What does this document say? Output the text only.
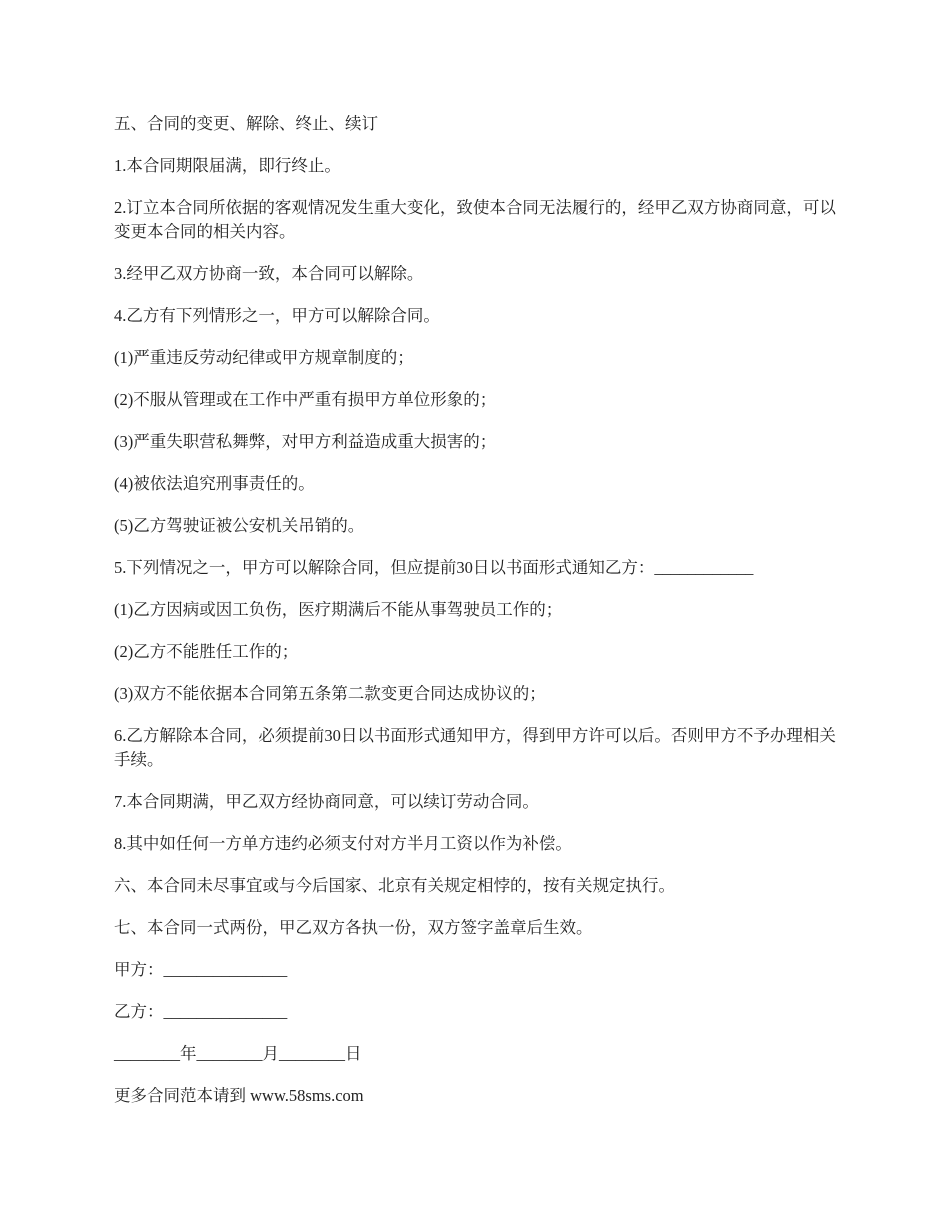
五、合同的变更、解除、终止、续订

1.本合同期限届满，即行终止。

2.订立本合同所依据的客观情况发生重大变化，致使本合同无法履行的，经甲乙双方协商同意，可以变更本合同的相关内容。

3.经甲乙双方协商一致，本合同可以解除。

4.乙方有下列情形之一，甲方可以解除合同。

(1)严重违反劳动纪律或甲方规章制度的；

(2)不服从管理或在工作中严重有损甲方单位形象的；

(3)严重失职营私舞弊，对甲方利益造成重大损害的；

(4)被依法追究刑事责任的。

(5)乙方驾驶证被公安机关吊销的。

5.下列情况之一，甲方可以解除合同，但应提前30日以书面形式通知乙方：____________

(1)乙方因病或因工负伤，医疗期满后不能从事驾驶员工作的；

(2)乙方不能胜任工作的；

(3)双方不能依据本合同第五条第二款变更合同达成协议的；

6.乙方解除本合同，必须提前30日以书面形式通知甲方，得到甲方许可以后。否则甲方不予办理相关手续。

7.本合同期满，甲乙双方经协商同意，可以续订劳动合同。

8.其中如任何一方单方违约必须支付对方半月工资以作为补偿。

六、本合同未尽事宜或与今后国家、北京有关规定相悖的，按有关规定执行。

七、本合同一式两份，甲乙双方各执一份，双方签字盖章后生效。

甲方：_______________

乙方：_______________

________年________月________日

更多合同范本请到 www.58sms.com
